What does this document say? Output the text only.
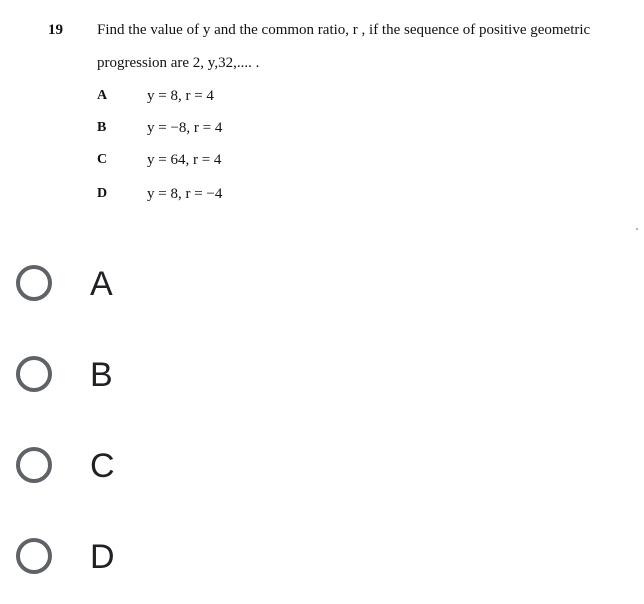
19 Find the value of y and the common ratio, r , if the sequence of positive geometric
progression are 2, y,32,.... .
A	y = 8, r = 4
B	y = −8, r = 4
C	y = 64, r = 4
D	y = 8, r = −4
A
B
C
D
